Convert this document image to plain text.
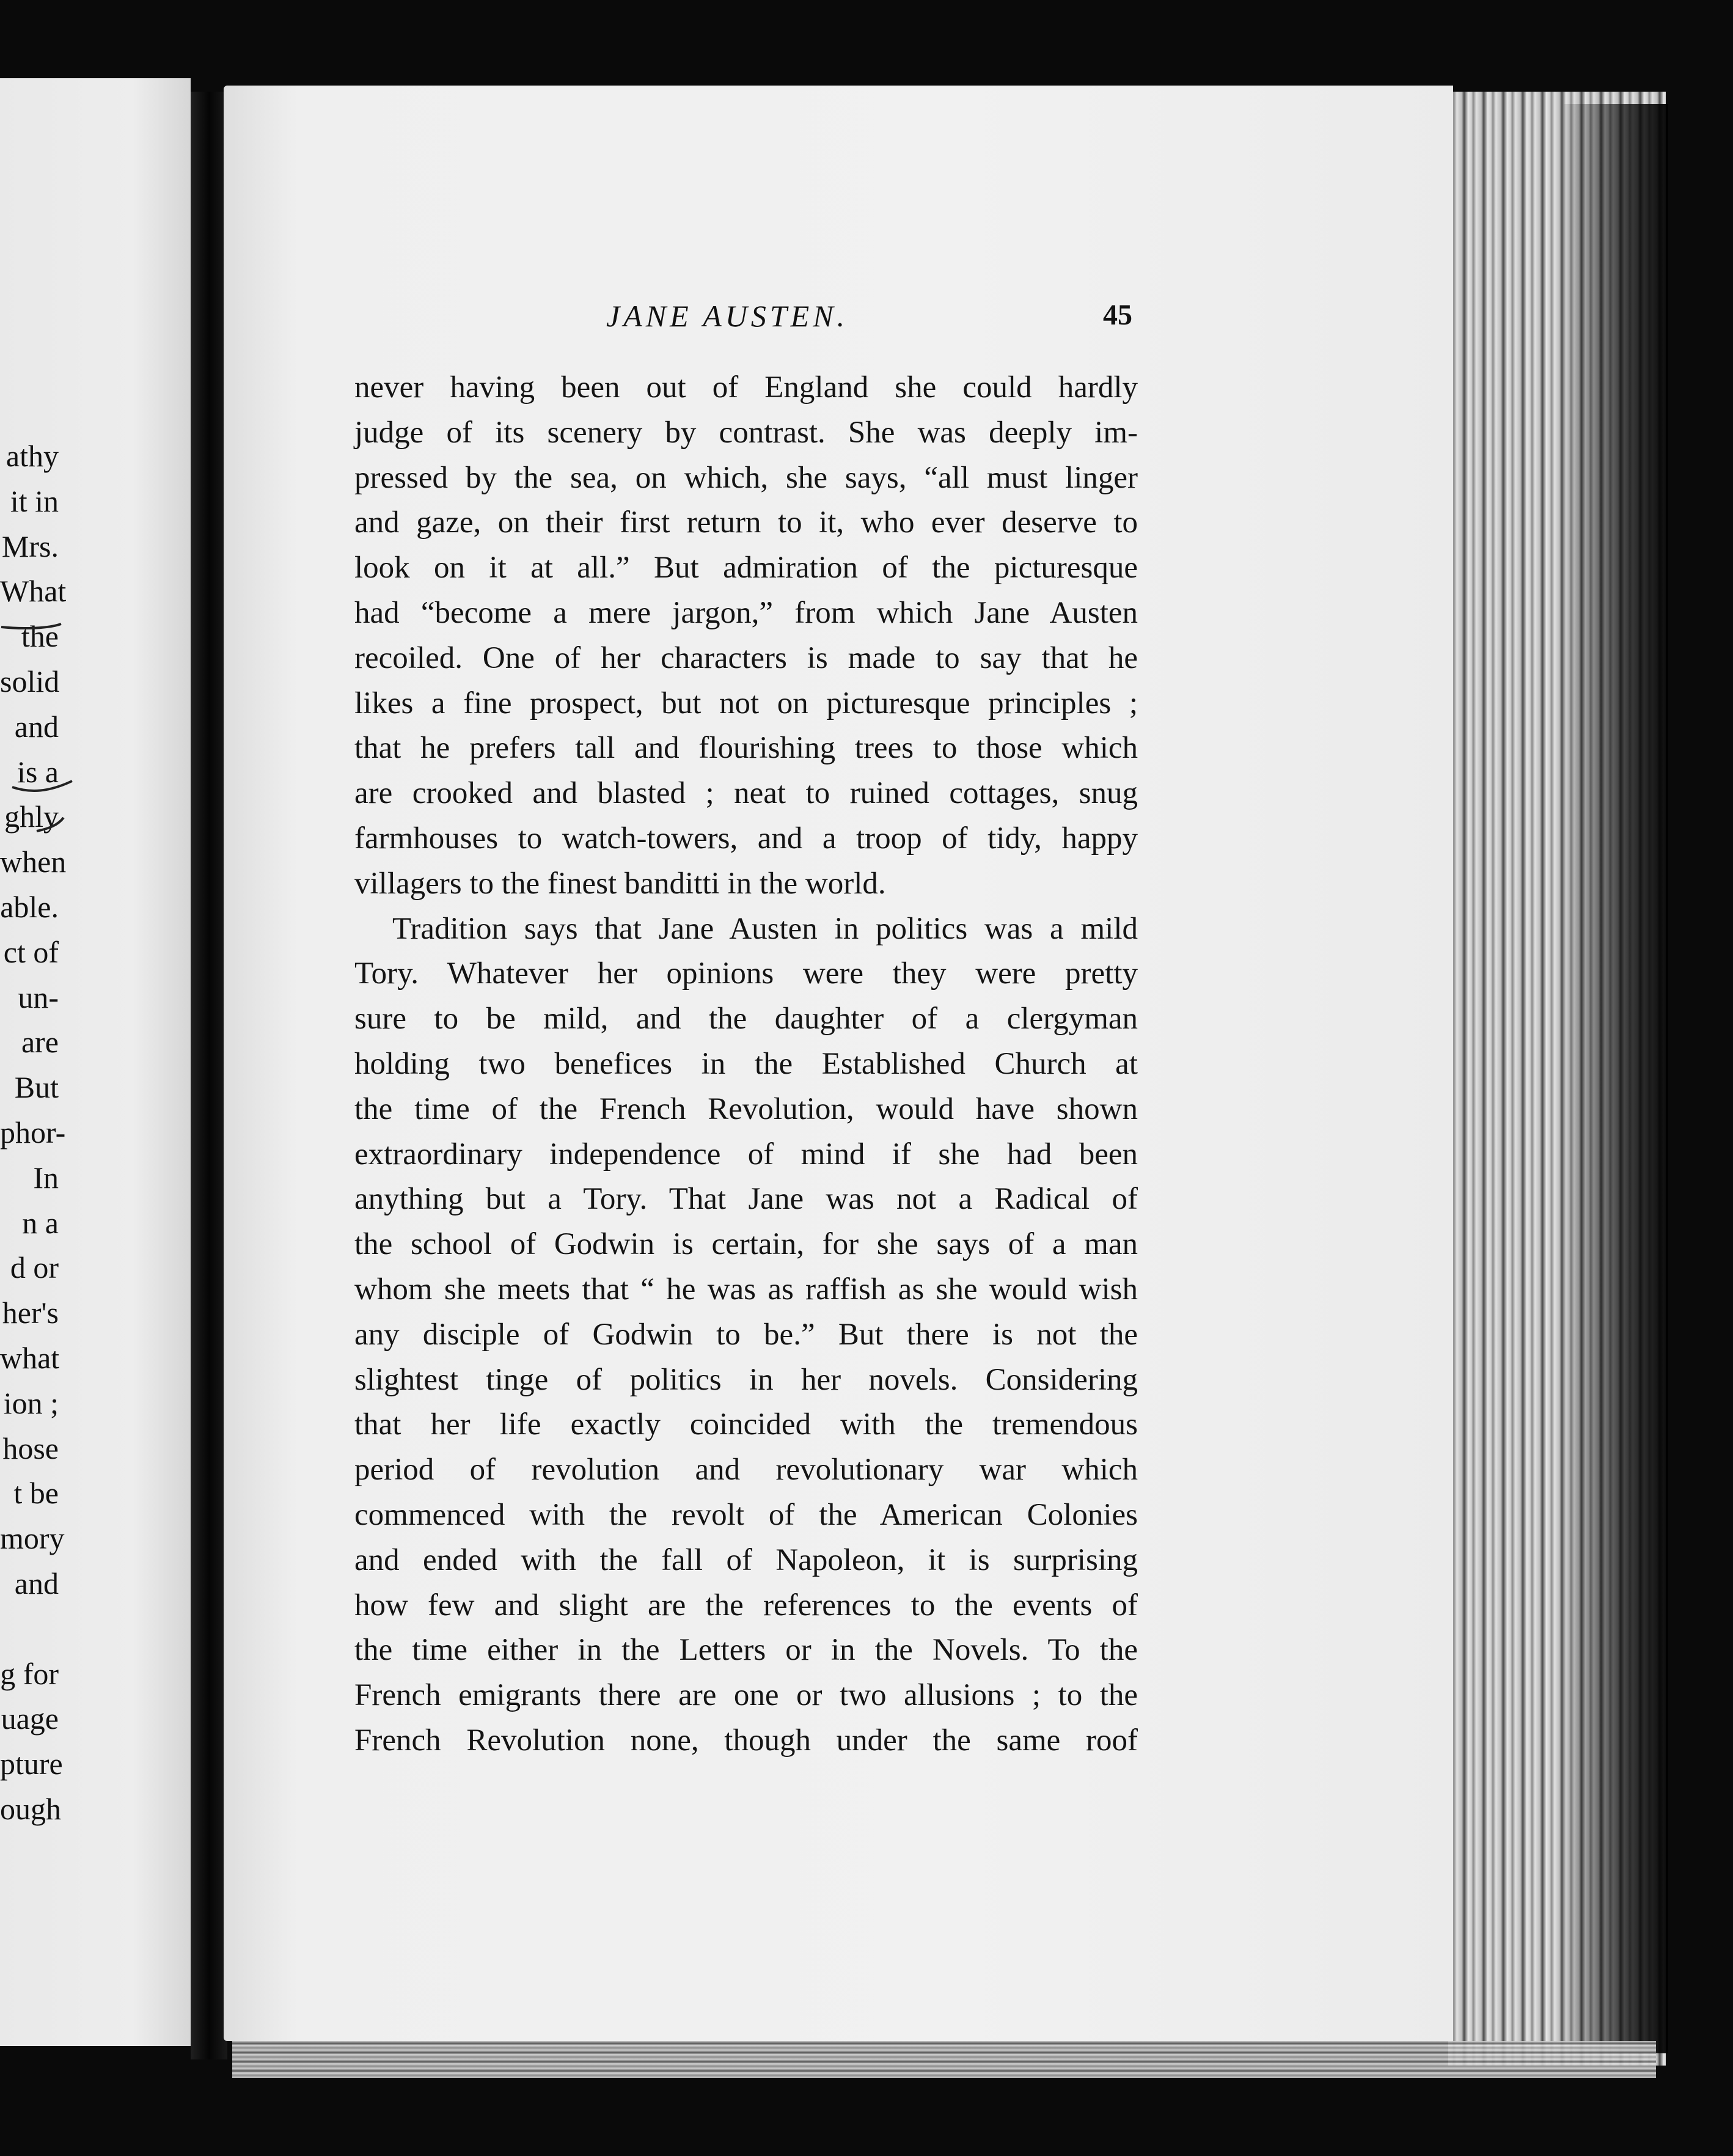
athy
it in
Mrs.
What
the
solid
and
is a
ghly
when
able.
ct of
un-
are
But
phor-
In
n a
d or
her's
what
ion ;
hose
t be
mory
and
g for
uage
pture
ough
JANE AUSTEN.	45
never having been out of England she could hardly
judge of its scenery by contrast. She was deeply im-
pressed by the sea, on which, she says, “all must linger
and gaze, on their first return to it, who ever deserve to
look on it at all.” But admiration of the picturesque
had “become a mere jargon,” from which Jane Austen
recoiled. One of her characters is made to say that he
likes a fine prospect, but not on picturesque principles ;
that he prefers tall and flourishing trees to those which
are crooked and blasted ; neat to ruined cottages, snug
farmhouses to watch-towers, and a troop of tidy, happy
villagers to the finest banditti in the world.
Tradition says that Jane Austen in politics was a mild
Tory. Whatever her opinions were they were pretty
sure to be mild, and the daughter of a clergyman
holding two benefices in the Established Church at
the time of the French Revolution, would have shown
extraordinary independence of mind if she had been
anything but a Tory. That Jane was not a Radical of
the school of Godwin is certain, for she says of a man
whom she meets that “ he was as raffish as she would wish
any disciple of Godwin to be.” But there is not the
slightest tinge of politics in her novels. Considering
that her life exactly coincided with the tremendous
period of revolution and revolutionary war which
commenced with the revolt of the American Colonies
and ended with the fall of Napoleon, it is surprising
how few and slight are the references to the events of
the time either in the Letters or in the Novels. To the
French emigrants there are one or two allusions ; to the
French Revolution none, though under the same roof
